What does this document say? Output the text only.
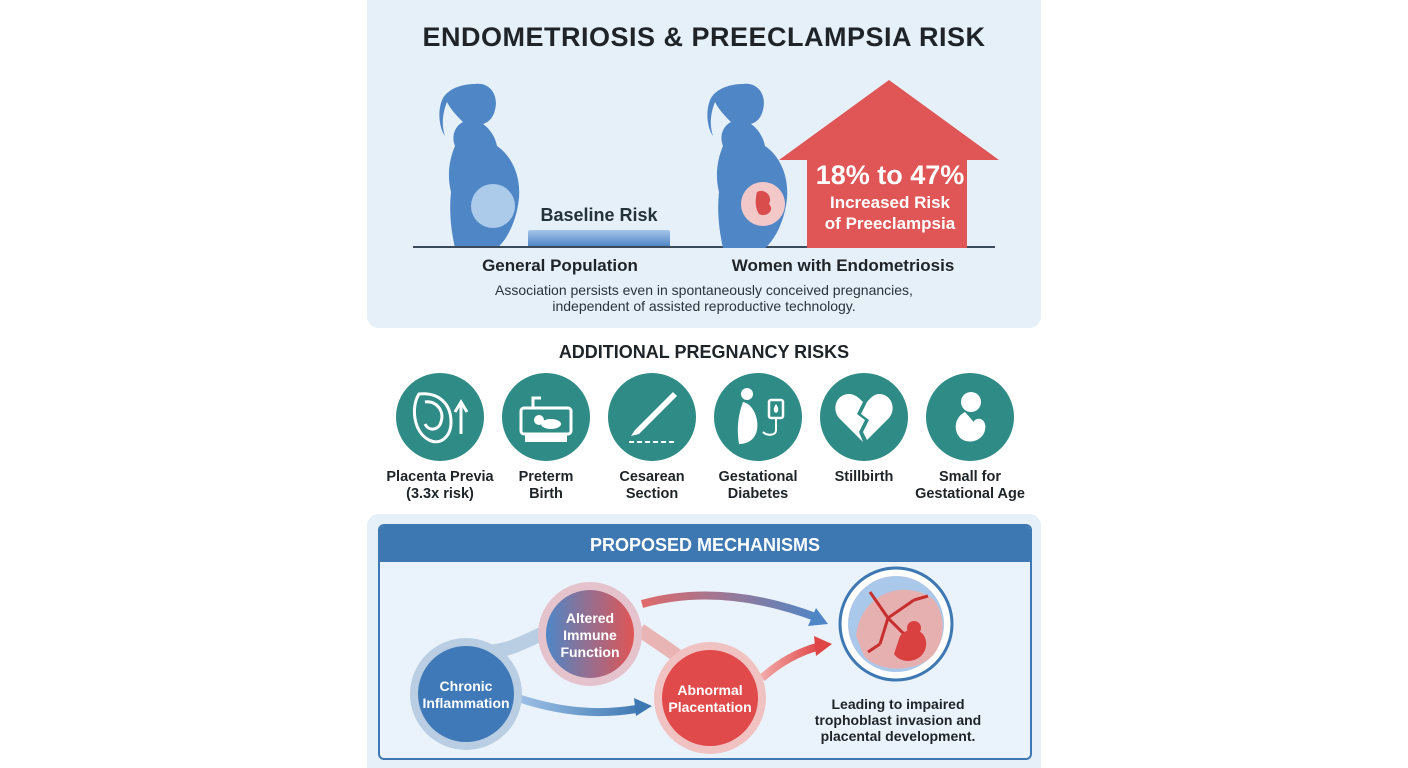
ENDOMETRIOSIS & PREECLAMPSIA RISK
Baseline Risk
18% to 47%
Increased Risk
of Preeclampsia
General Population	Women with Endometriosis
Association persists even in spontaneously conceived pregnancies,
independent of assisted reproductive technology.
ADDITIONAL PREGNANCY RISKS
Placenta Previa
(3.3x risk)
Preterm
Birth
Cesarean
Section
Gestational
Diabetes
Stillbirth	Small for
Gestational Age
PROPOSED MECHANISMS
Altered
Immune
Function
Chronic
Inflammation
Abnormal
Placentation	Leading to impaired
trophoblast invasion and
placental development.
